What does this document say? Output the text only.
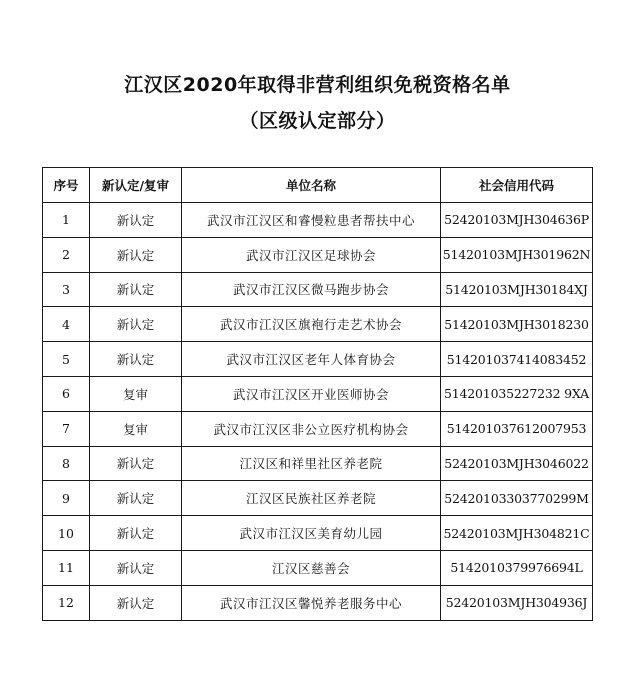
江汉区2020年取得非营利组织免税资格名单
（区级认定部分）
序号	新认定/复审	单位名称	社会信用代码
1	新认定	武汉市江汉区和睿慢粒患者帮扶中心	52420103MJH304636P
2	新认定	武汉市江汉区足球协会	51420103MJH301962N
3	新认定	武汉市江汉区微马跑步协会	51420103MJH30184XJ
4	新认定	武汉市江汉区旗袍行走艺术协会	51420103MJH3018230
5	新认定	武汉市江汉区老年人体育协会	514201037414083452
6	复审	武汉市江汉区开业医师协会	514201035227232 9XA
7	复审	武汉市江汉区非公立医疗机构协会	514201037612007953
8	新认定	江汉区和祥里社区养老院	52420103MJH3046022
9	新认定	江汉区民族社区养老院	52420103303770299M
10	新认定	武汉市江汉区美育幼儿园	52420103MJH304821C
11	新认定	江汉区慈善会	5142010379976694L
12	新认定	武汉市江汉区馨悦养老服务中心	52420103MJH304936J
